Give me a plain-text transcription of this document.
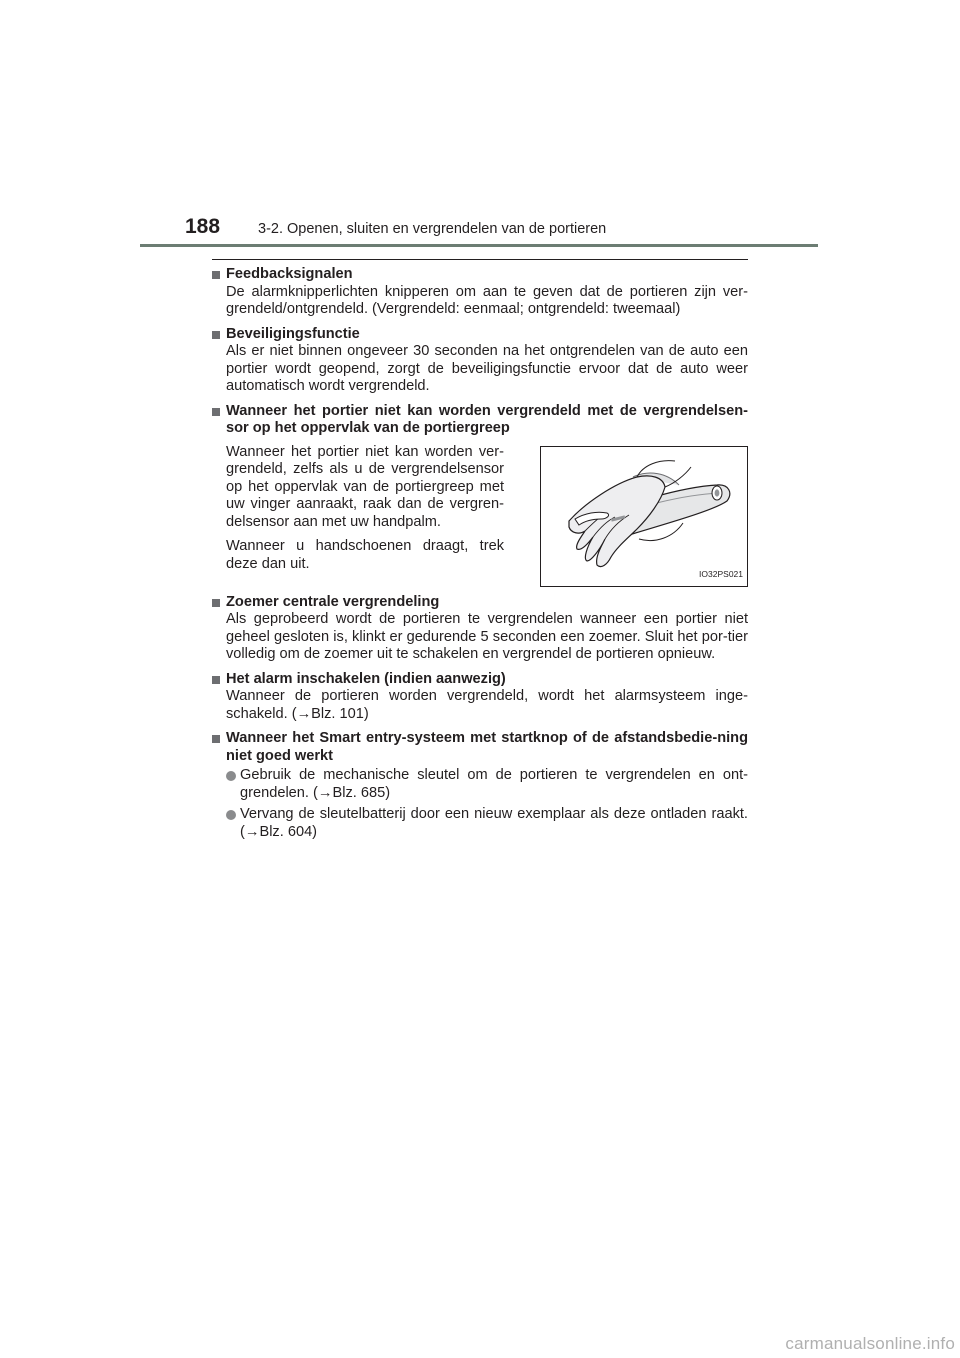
188	3-2. Openen, sluiten en vergrendelen van de portieren
Feedbacksignalen
De alarmknipperlichten knipperen om aan te geven dat de portieren zijn ver-grendeld/ontgrendeld. (Vergrendeld: eenmaal; ontgrendeld: tweemaal)
Beveiligingsfunctie
Als er niet binnen ongeveer 30 seconden na het ontgrendelen van de auto een portier wordt geopend, zorgt de beveiligingsfunctie ervoor dat de auto weer automatisch wordt vergrendeld.
Wanneer het portier niet kan worden vergrendeld met de vergrendelsen-sor op het oppervlak van de portiergreep

Wanneer het portier niet kan worden ver-grendeld, zelfs als u de vergrendelsensor op het oppervlak van de portiergreep met uw vinger aanraakt, raak dan de vergren-delsensor aan met uw handpalm.

Wanneer u handschoenen draagt, trek deze dan uit.

IO32PS021
Zoemer centrale vergrendeling
Als geprobeerd wordt de portieren te vergrendelen wanneer een portier niet geheel gesloten is, klinkt er gedurende 5 seconden een zoemer. Sluit het por-tier volledig om de zoemer uit te schakelen en vergrendel de portieren opnieuw.
Het alarm inschakelen (indien aanwezig)
Wanneer de portieren worden vergrendeld, wordt het alarmsysteem inge-schakeld. (→Blz. 101)
Wanneer het Smart entry-systeem met startknop of de afstandsbedie-ning niet goed werkt
Gebruik de mechanische sleutel om de portieren te vergrendelen en ont-grendelen. (→Blz. 685)
Vervang de sleutelbatterij door een nieuw exemplaar als deze ontladen raakt. (→Blz. 604)
carmanualsonline.info
